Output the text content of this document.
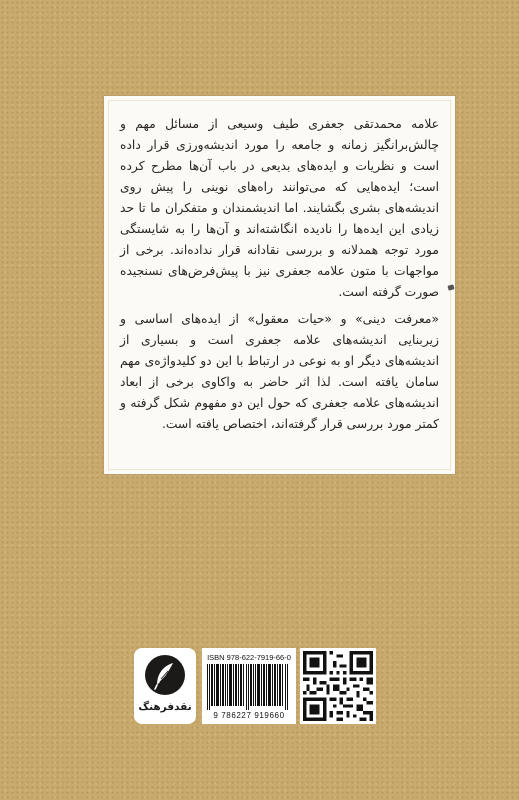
علامه محمدتقی جعفری طیف وسیعی از مسائل مهم و چالش‌برانگیز زمانه و جامعه را مورد اندیشه‌ورزی قرار داده است و نظریات و ایده‌های بدیعی در باب آن‌ها مطرح کرده است؛ ایده‌هایی که می‌توانند راه‌های نوینی را پیش روی اندیشه‌های بشری بگشایند. اما اندیشمندان و متفکران ما تا حد زیادی این ایده‌ها را نادیده انگاشته‌اند و آن‌ها را به شایستگی مورد توجه همدلانه و بررسی نقادانه قرار نداده‌اند. برخی از مواجهات با متون علامه جعفری نیز با پیش‌فرض‌های نسنجیده صورت گرفته است.

«معرفت دینی» و «حیات معقول» از ایده‌های اساسی و زیربنایی اندیشه‌های علامه جعفری است و بسیاری از اندیشه‌های دیگر او به نوعی در ارتباط با این دو کلیدواژه‌ی مهم سامان یافته است. لذا اثر حاضر به واکاوی برخی از ابعاد اندیشه‌های علامه جعفری که حول این دو مفهوم شکل گرفته و کمتر مورد بررسی قرار گرفته‌اند، اختصاص یافته است.

نقدفرهنگ
ISBN 978-622-7919-66-0
9 786227 919660
